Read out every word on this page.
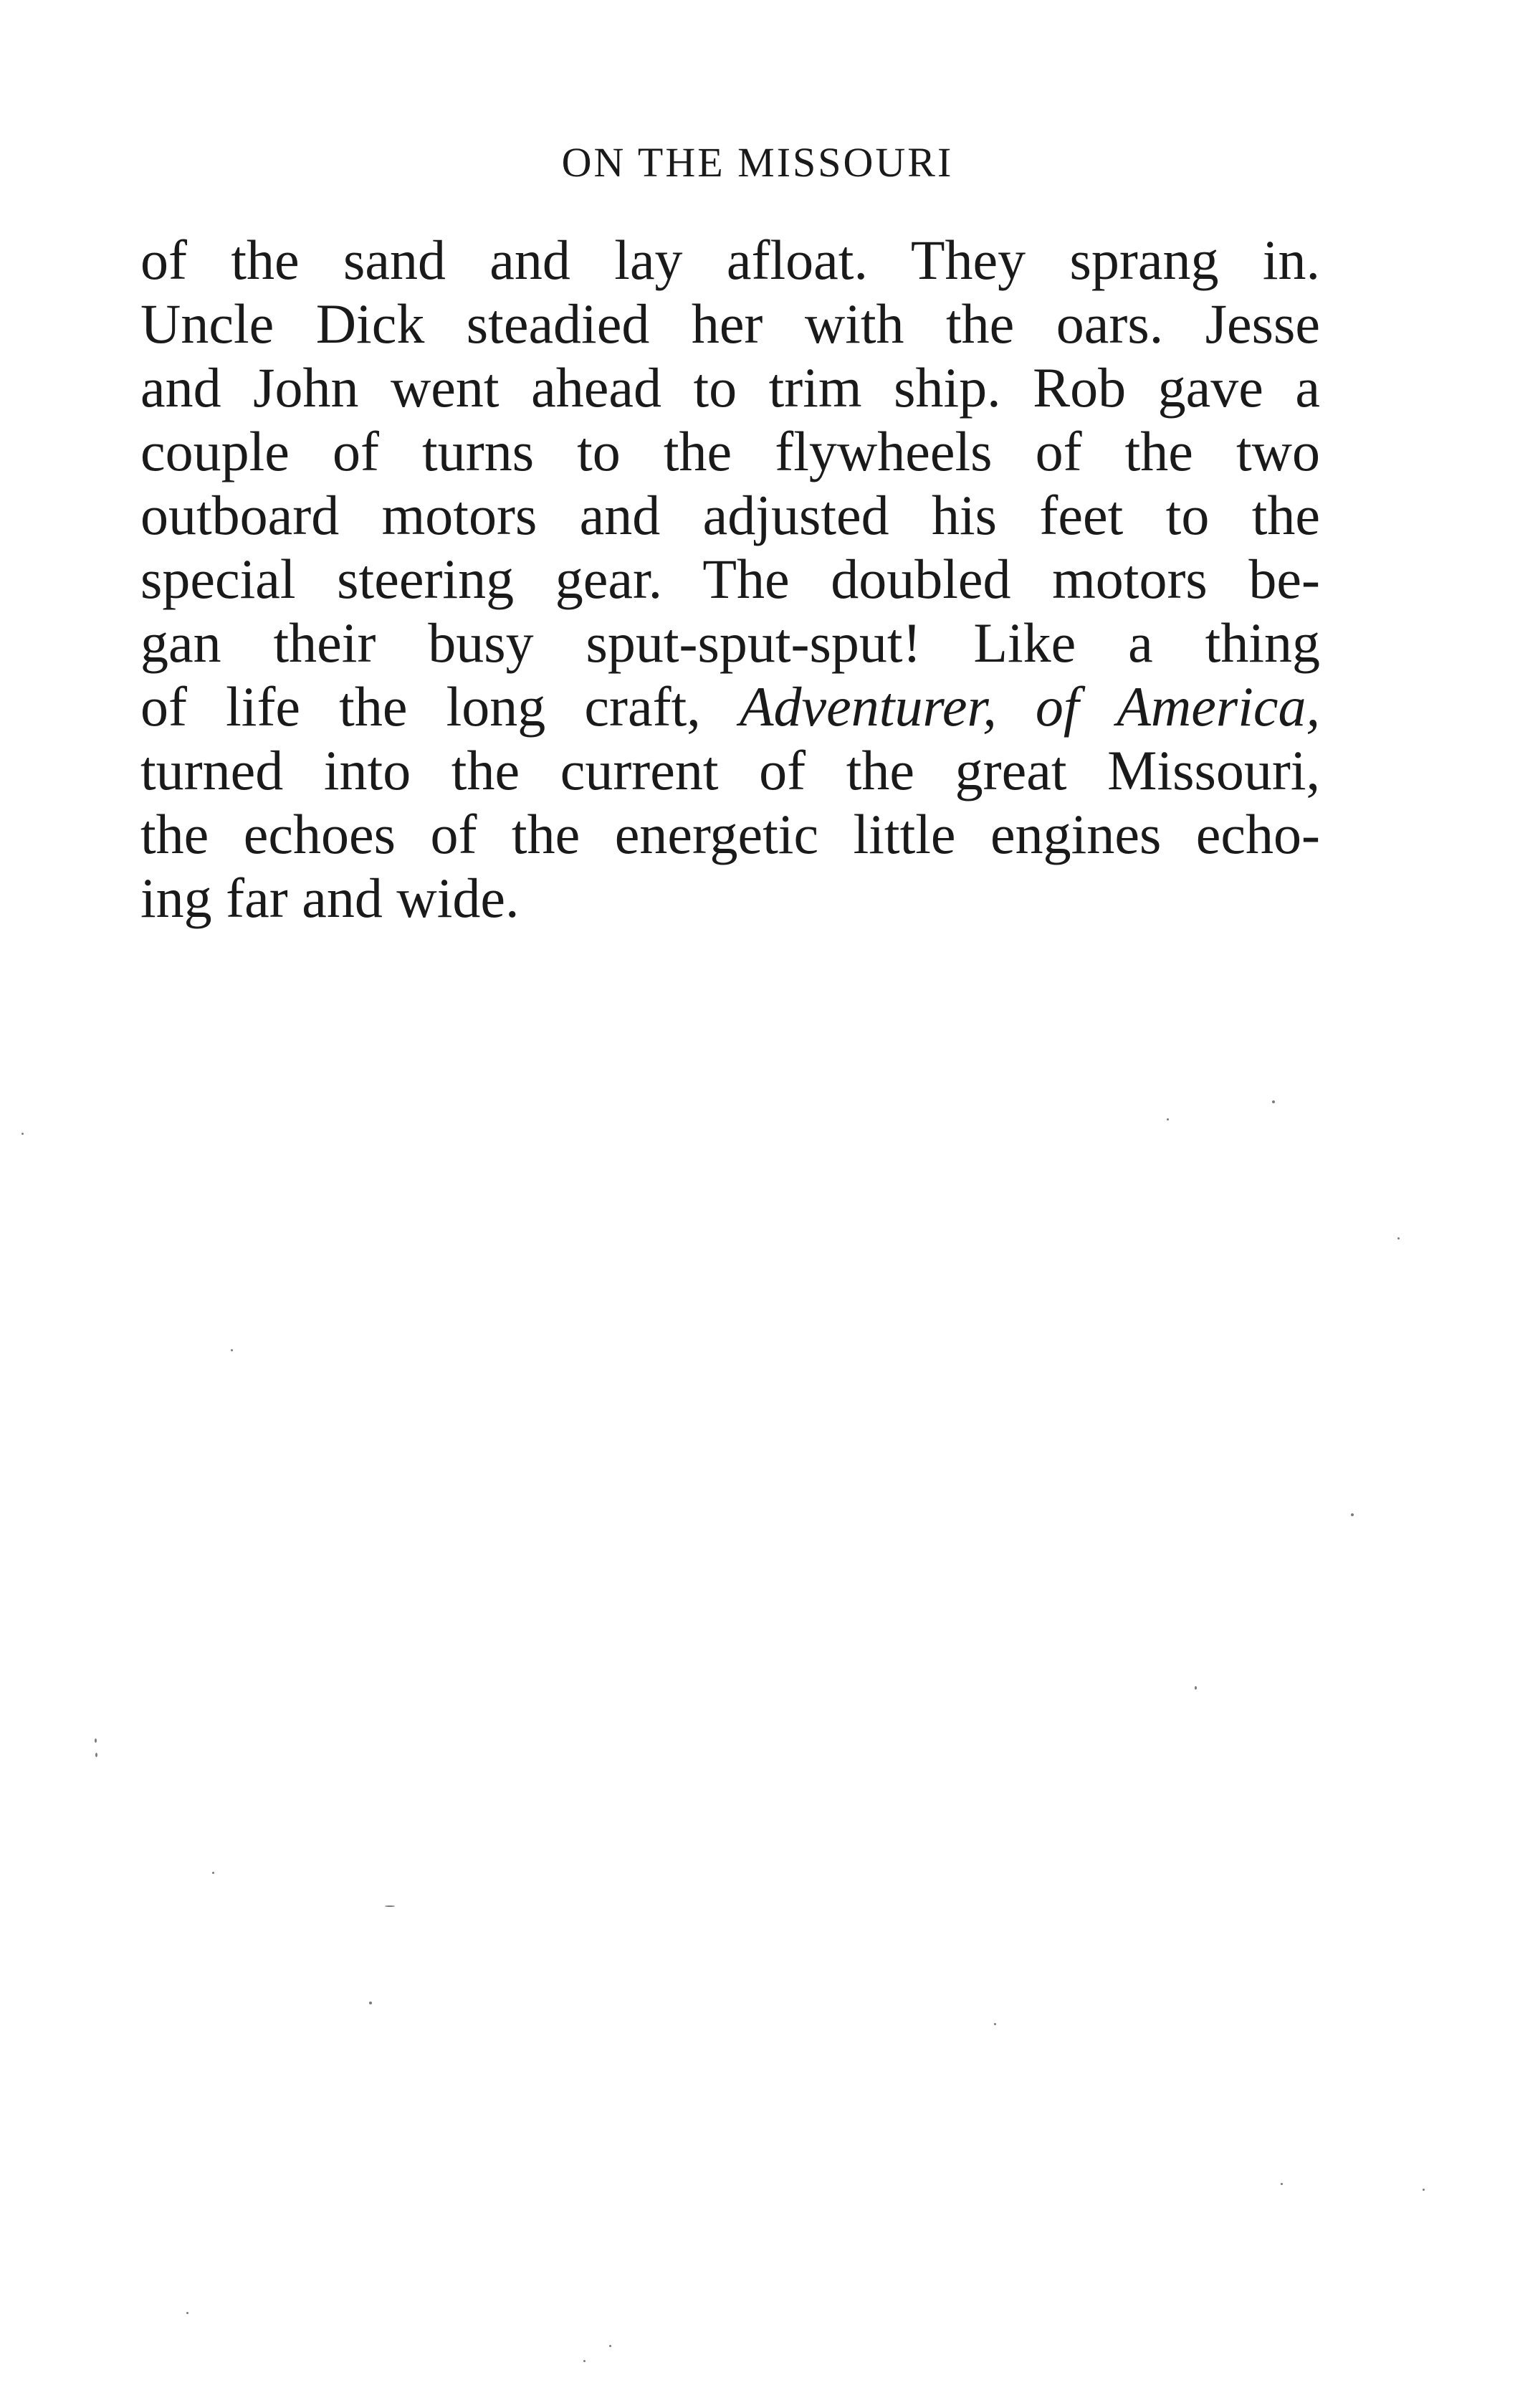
ON THE MISSOURI
of the sand and lay afloat. They sprang in.
Uncle Dick steadied her with the oars. Jesse
and John went ahead to trim ship. Rob gave a
couple of turns to the flywheels of the two
outboard motors and adjusted his feet to the
special steering gear. The doubled motors be-
gan their busy sput-sput-sput! Like a thing
of life the long craft, Adventurer, of America,
turned into the current of the great Missouri,
the echoes of the energetic little engines echo-
ing far and wide.
